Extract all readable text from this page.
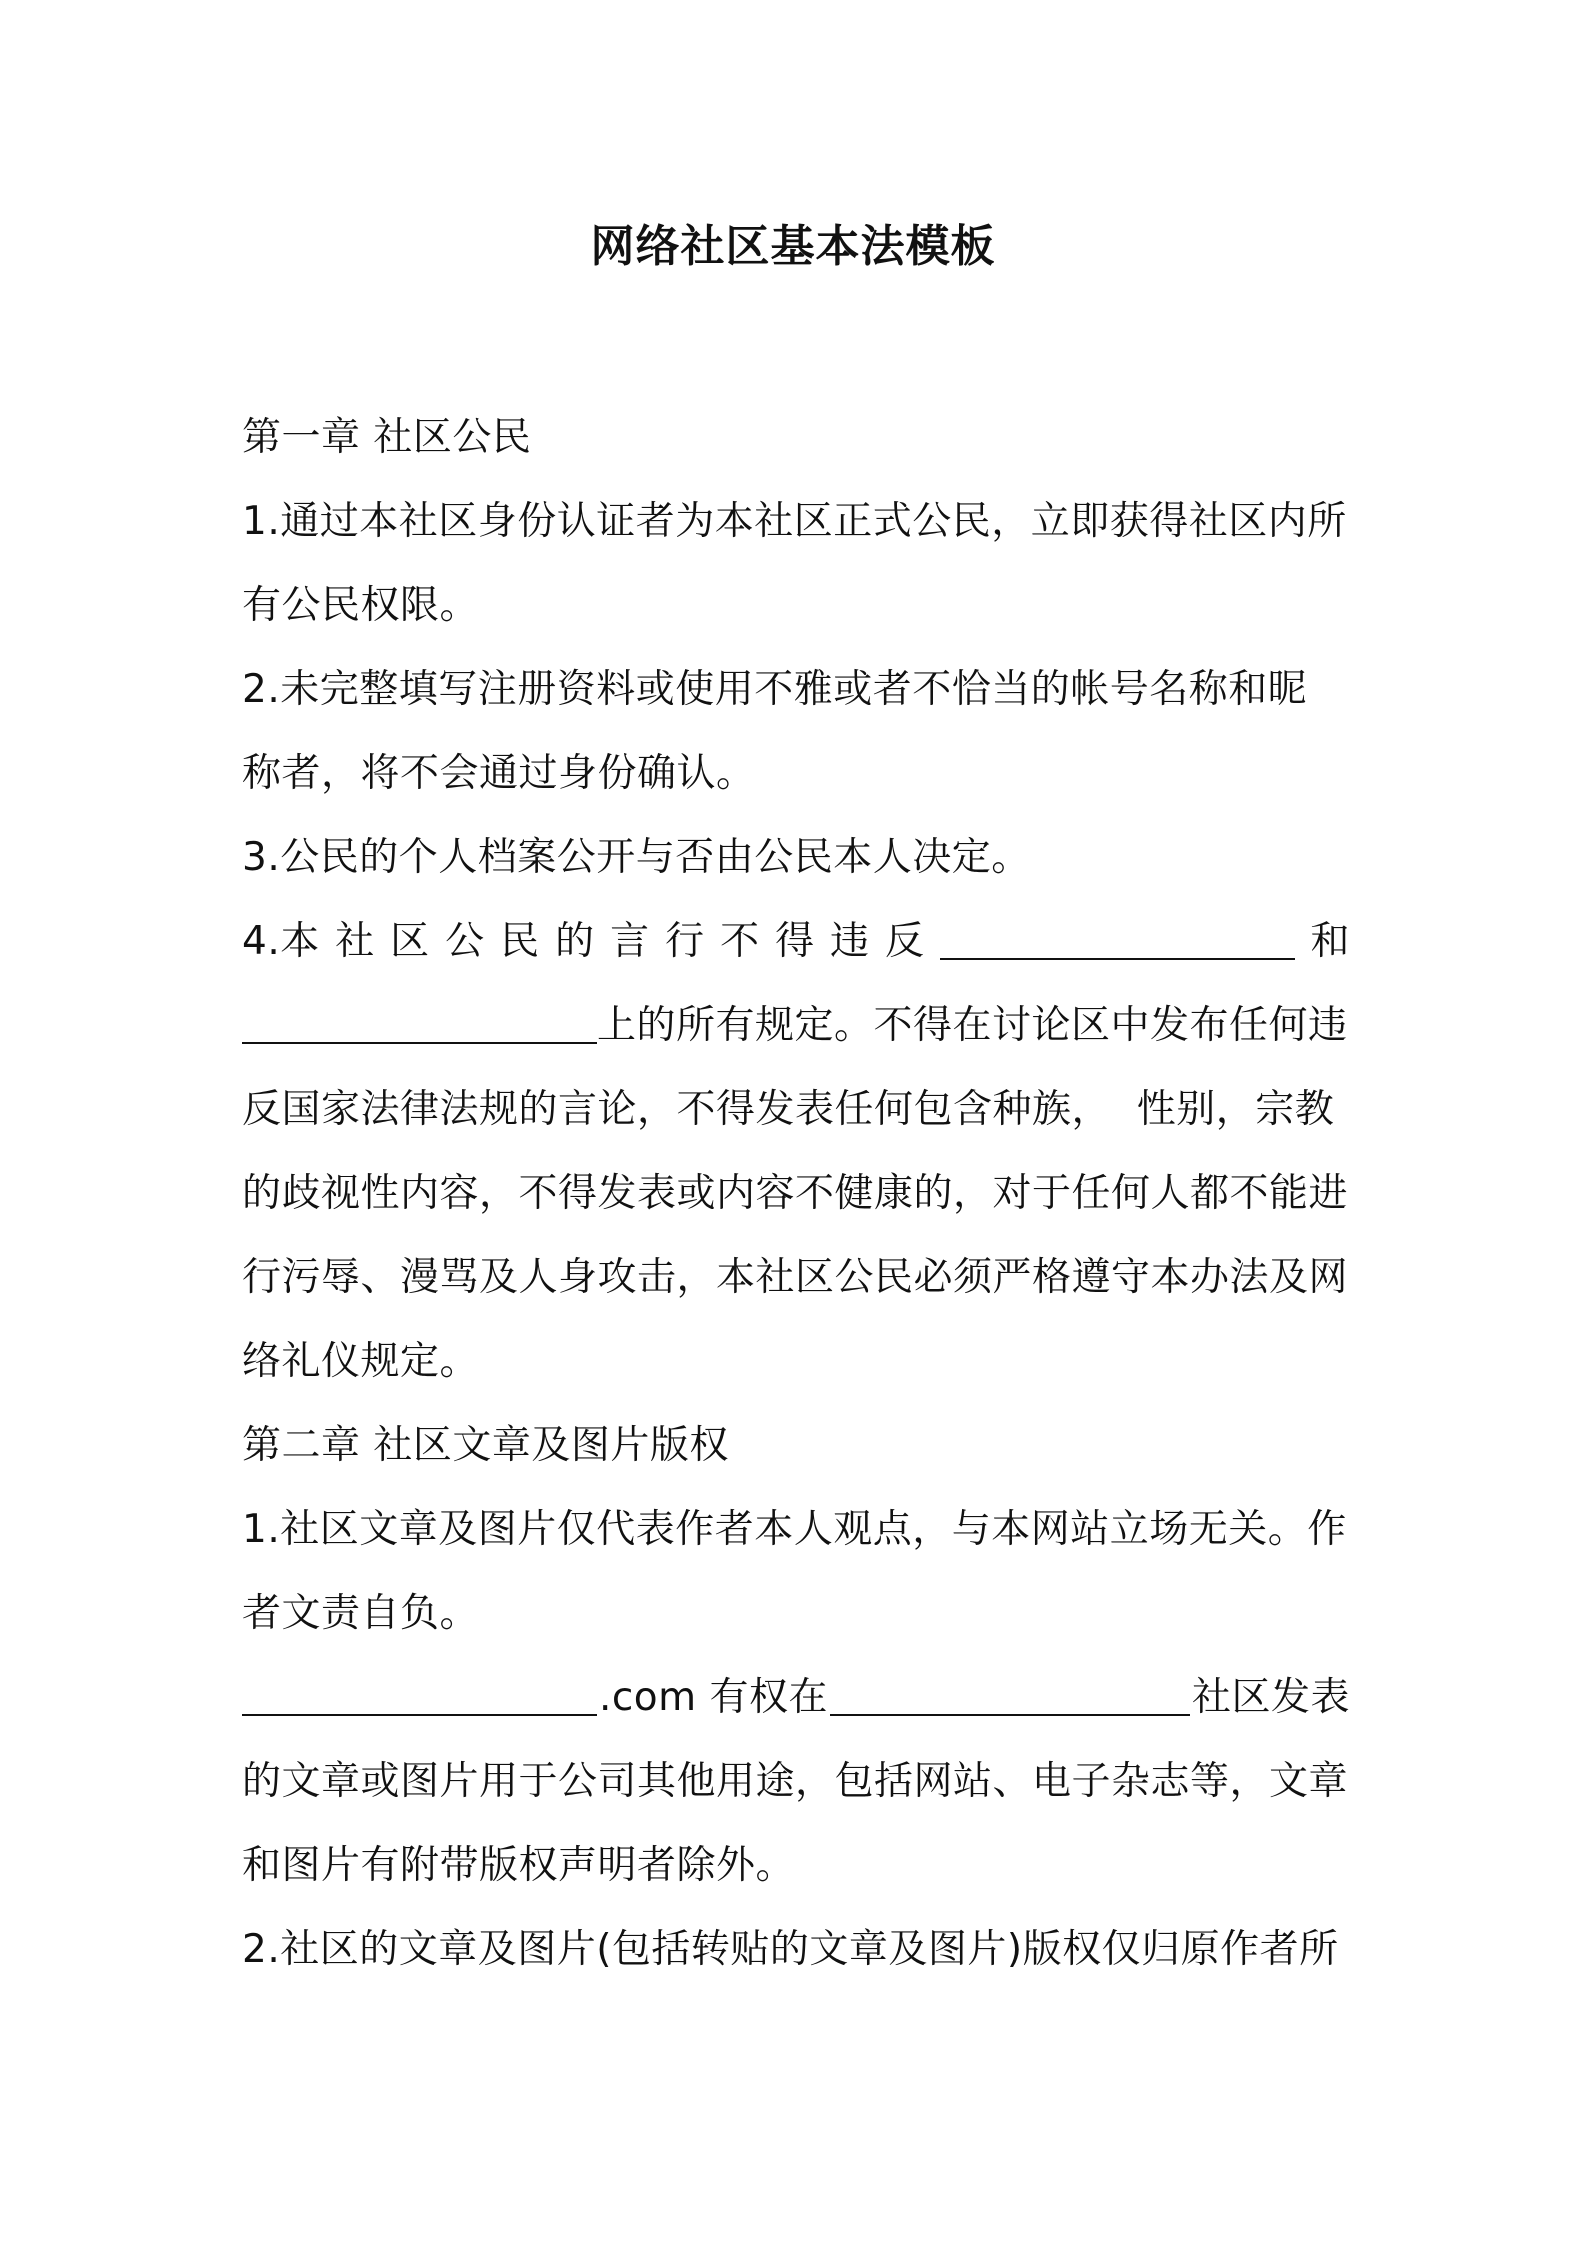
网络社区基本法模板
第一章 社区公民
1.通过本社区身份认证者为本社区正式公民，立即获得社区内所
有公民权限。
2.未完整填写注册资料或使用不雅或者不恰当的帐号名称和昵
称者，将不会通过身份确认。
3.公民的个人档案公开与否由公民本人决定。
4.本 社 区 公 民 的 言 行 不 得 违 反	和
上的所有规定。不得在讨论区中发布任何违
反国家法律法规的言论，不得发表任何包含种族，  性别，宗教
的歧视性内容，不得发表或内容不健康的，对于任何人都不能进
行污辱、漫骂及人身攻击，本社区公民必须严格遵守本办法及网
络礼仪规定。
第二章 社区文章及图片版权
1.社区文章及图片仅代表作者本人观点，与本网站立场无关。作
者文责自负。
.com 有权在	社区发表
的文章或图片用于公司其他用途，包括网站、电子杂志等，文章
和图片有附带版权声明者除外。
2.社区的文章及图片(包括转贴的文章及图片)版权仅归原作者所
